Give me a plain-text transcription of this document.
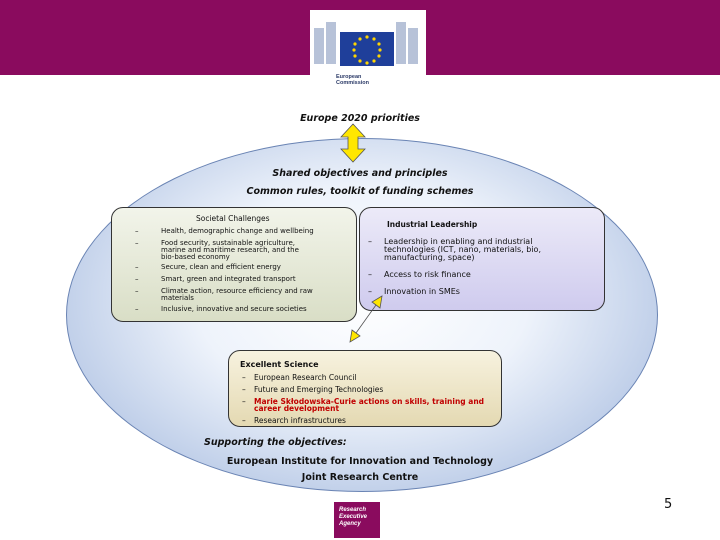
European
Commission
Europe 2020 priorities
Shared objectives and principles
Common rules, toolkit of funding schemes
Societal Challenges
–	Health, demographic change and wellbeing
–	Food security, sustainable agriculture,
marine and maritime research, and the
bio-based economy
–	Secure, clean and efficient energy
–	Smart, green and integrated transport
–	Climate action, resource efficiency and raw
materials
–	Inclusive, innovative and secure societies
Industrial Leadership
– Leadership in enabling and industrial
technologies (ICT, nano, materials, bio,
manufacturing, space)
– Access to risk finance
– Innovation in SMEs
Excellent Science
– European Research Council
– Future and Emerging Technologies
– Marie Skłodowska-Curie actions on skills, training and
career development
– Research infrastructures
Supporting the objectives:
European Institute for Innovation and Technology
Joint Research Centre
5
Research
Executive
Agency
